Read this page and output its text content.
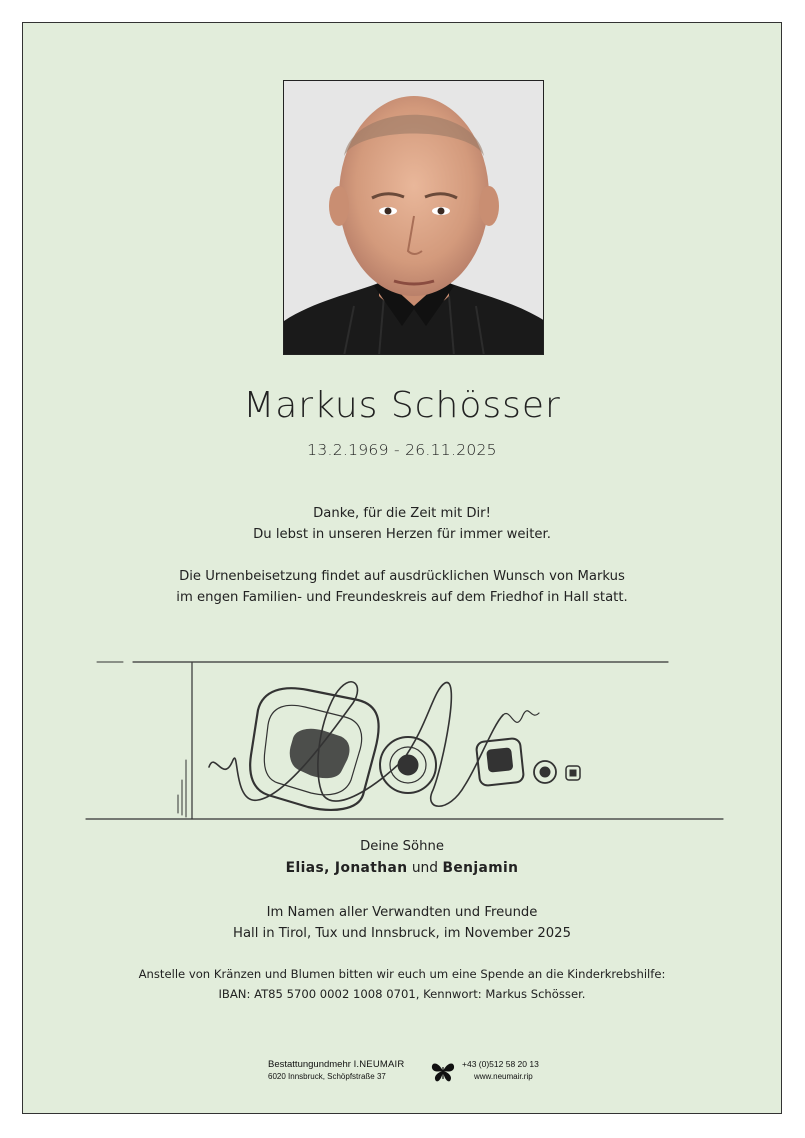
Markus Schösser
13.2.1969 - 26.11.2025
Danke, für die Zeit mit Dir!
Du lebst in unseren Herzen für immer weiter.
Die Urnenbeisetzung findet auf ausdrücklichen Wunsch von Markus
im engen Familien- und Freundeskreis auf dem Friedhof in Hall statt.
Deine Söhne
Elias, Jonathan und Benjamin
Im Namen aller Verwandten und Freunde
Hall in Tirol, Tux und Innsbruck, im November 2025
Anstelle von Kränzen und Blumen bitten wir euch um eine Spende an die Kinderkrebshilfe:
IBAN: AT85 5700 0002 1008 0701, Kennwort: Markus Schösser.
Bestattungundmehr I.NEUMAIR
6020 Innsbruck, Schöpfstraße 37
+43 (0)512 58 20 13
www.neumair.rip
